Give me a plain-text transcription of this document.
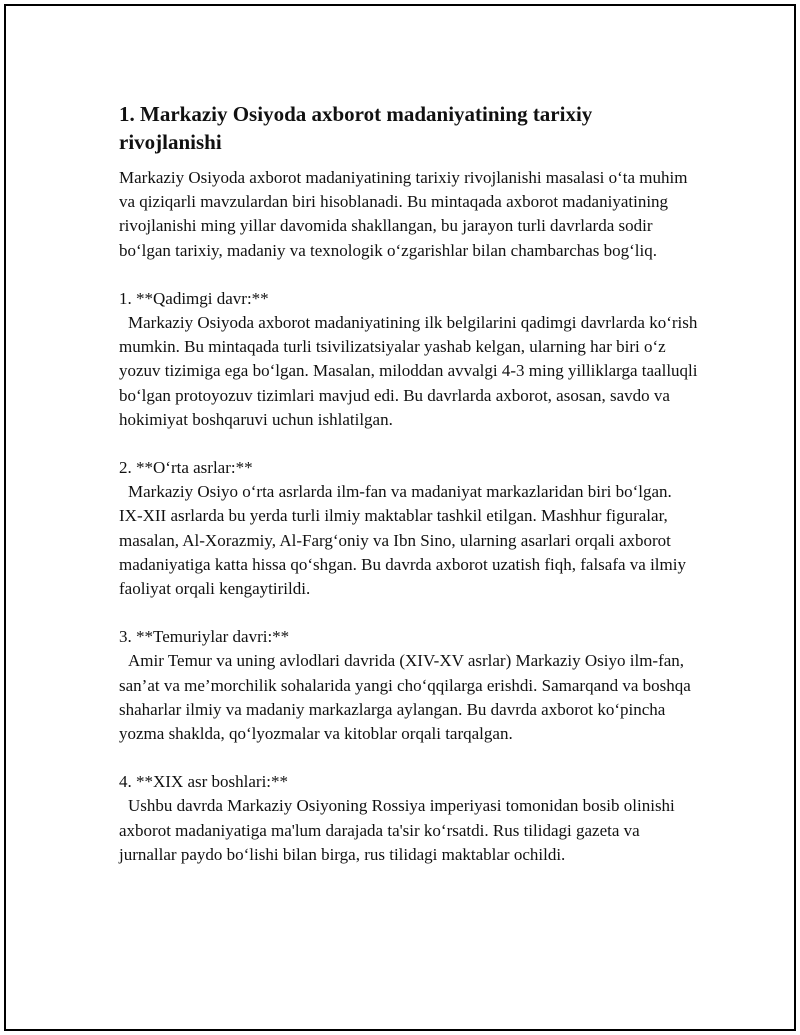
1. Markaziy Osiyoda axborot madaniyatining tarixiy rivojlanishi

Markaziy Osiyoda axborot madaniyatining tarixiy rivojlanishi masalasi o‘ta muhim va qiziqarli mavzulardan biri hisoblanadi. Bu mintaqada axborot madaniyatining rivojlanishi ming yillar davomida shakllangan, bu jarayon turli davrlarda sodir bo‘lgan tarixiy, madaniy va texnologik o‘zgarishlar bilan chambarchas bog‘liq.

1. **Qadimgi davr:**

Markaziy Osiyoda axborot madaniyatining ilk belgilarini qadimgi davrlarda ko‘rish mumkin. Bu mintaqada turli tsivilizatsiyalar yashab kelgan, ularning har biri o‘z yozuv tizimiga ega bo‘lgan. Masalan, miloddan avvalgi 4-3 ming yilliklarga taalluqli bo‘lgan protoyozuv tizimlari mavjud edi. Bu davrlarda axborot, asosan, savdo va hokimiyat boshqaruvi uchun ishlatilgan.

2. **O‘rta asrlar:**

Markaziy Osiyo o‘rta asrlarda ilm-fan va madaniyat markazlaridan biri bo‘lgan. IX-XII asrlarda bu yerda turli ilmiy maktablar tashkil etilgan. Mashhur figuralar, masalan, Al-Xorazmiy, Al-Farg‘oniy va Ibn Sino, ularning asarlari orqali axborot madaniyatiga katta hissa qo‘shgan. Bu davrda axborot uzatish fiqh, falsafa va ilmiy faoliyat orqali kengaytirildi.

3. **Temuriylar davri:**

Amir Temur va uning avlodlari davrida (XIV-XV asrlar) Markaziy Osiyo ilm-fan, san’at va me’morchilik sohalarida yangi cho‘qqilarga erishdi. Samarqand va boshqa shaharlar ilmiy va madaniy markazlarga aylangan. Bu davrda axborot ko‘pincha yozma shaklda, qo‘lyozmalar va kitoblar orqali tarqalgan.

4. **XIX asr boshlari:**

Ushbu davrda Markaziy Osiyoning Rossiya imperiyasi tomonidan bosib olinishi axborot madaniyatiga ma'lum darajada ta'sir ko‘rsatdi. Rus tilidagi gazeta va jurnallar paydo bo‘lishi bilan birga, rus tilidagi maktablar ochildi.
